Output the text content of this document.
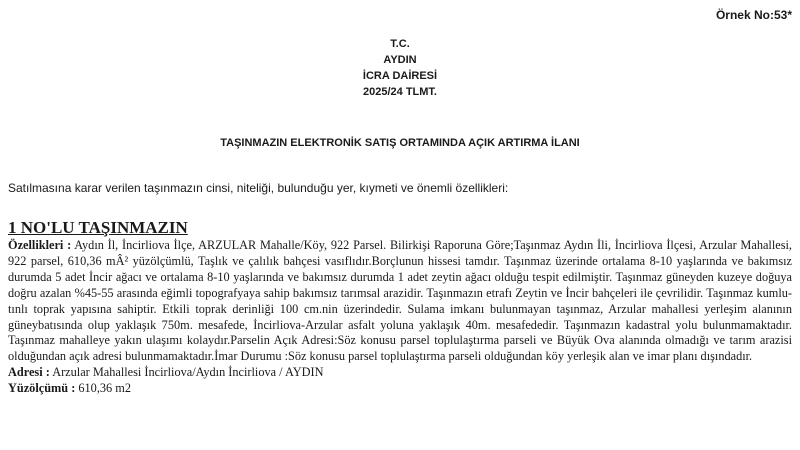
Örnek No:53*
T.C.
AYDIN
İCRA DAİRESİ
2025/24 TLMT.
TAŞINMAZIN ELEKTRONİK SATIŞ ORTAMINDA AÇIK ARTIRMA İLANI
Satılmasına karar verilen taşınmazın cinsi, niteliği, bulunduğu yer, kıymeti ve önemli özellikleri:
1 NO'LU TAŞINMAZIN

Özellikleri : Aydın İl, İncirliova İlçe, ARZULAR Mahalle/Köy, 922 Parsel. Bilirkişi Raporuna Göre;Taşınmaz Aydın İli, İncirliova İlçesi, Arzular Mahallesi, 922 parsel, 610,36 mÂ² yüzölçümlü, Taşlık ve çalılık bahçesi vasıflıdır.Borçlunun hissesi tamdır. Taşınmaz üzerinde ortalama 8-10 yaşlarında ve bakımsız durumda 5 adet İncir ağacı ve ortalama 8-10 yaşlarında ve bakımsız durumda 1 adet zeytin ağacı olduğu tespit edilmiştir. Taşınmaz güneyden kuzeye doğuya doğru azalan %45-55 arasında eğimli topografyaya sahip bakımsız tarımsal arazidir. Taşınmazın etrafı Zeytin ve İncir bahçeleri ile çevrilidir. Taşınmaz kumlu-tınlı toprak yapısına sahiptir. Etkili toprak derinliği 100 cm.nin üzerindedir. Sulama imkanı bulunmayan taşınmaz, Arzular mahallesi yerleşim alanının güneybatısında olup yaklaşık 750m. mesafede, İncirliova-Arzular asfalt yoluna yaklaşık 40m. mesafededir. Taşınmazın kadastral yolu bulunmamaktadır. Taşınmaz mahalleye yakın ulaşımı kolaydır.Parselin Açık Adresi:Söz konusu parsel toplulaştırma parseli ve Büyük Ova alanında olmadığı ve tarım arazisi olduğundan açık adresi bulunmamaktadır.İmar Durumu :Söz konusu parsel toplulaştırma parseli olduğundan köy yerleşik alan ve imar planı dışındadır.

Adresi : Arzular Mahallesi İncirliova/Aydın İncirliova / AYDIN

Yüzölçümü : 610,36 m2
